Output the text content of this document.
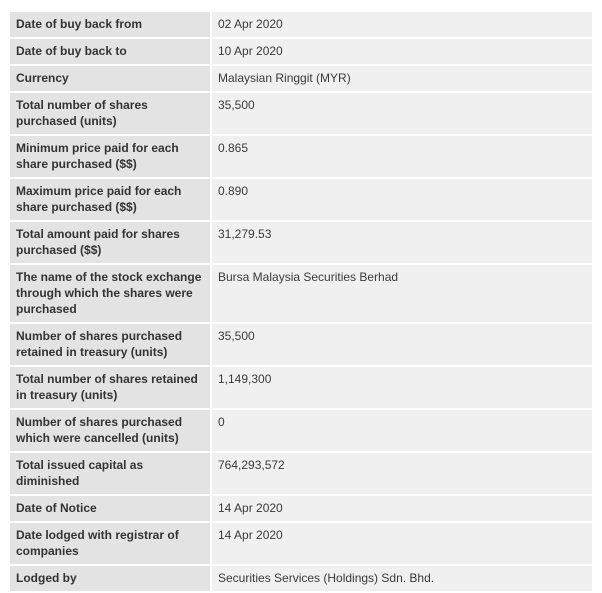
Date of buy back from		02 Apr 2020
Date of buy back to		10 Apr 2020
Currency		Malaysian Ringgit (MYR)
Total number of shares purchased (units)		35,500
Minimum price paid for each share purchased ($$)		0.865
Maximum price paid for each share purchased ($$)		0.890
Total amount paid for shares purchased ($$)		31,279.53
The name of the stock exchange through which the shares were purchased		Bursa Malaysia Securities Berhad
Number of shares purchased retained in treasury (units)		35,500
Total number of shares retained in treasury (units)		1,149,300
Number of shares purchased which were cancelled (units)		0
Total issued capital as diminished		764,293,572
Date of Notice		14 Apr 2020
Date lodged with registrar of companies		14 Apr 2020
Lodged by		Securities Services (Holdings) Sdn. Bhd.
